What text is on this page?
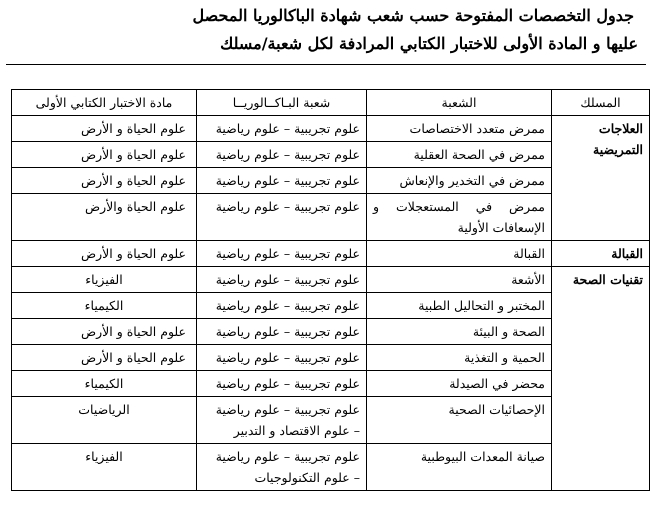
جدول التخصصات المفتوحة حسب شعب شهادة الباكالوريا المحصل
عليها و المادة الأولى للاختبار الكتابي المرادفة لكل شعبة/مسلك
المسلك	الشعبة	شعبة البـاكــالوريــا	مادة الاختبار الكتابي الأولى
العلاجات التمريضية	ممرض متعدد الاختصاصات	علوم تجريبية – علوم رياضية	علوم الحياة و الأرض

	ممرض في الصحة العقلية	علوم تجريبية – علوم رياضية	علوم الحياة و الأرض

	ممرض في التخدير والإنعاش	علوم تجريبية – علوم رياضية	علوم الحياة و الأرض

	ممرض في المستعجلات و
الإسعافات الأولية	علوم تجريبية – علوم رياضية	علوم الحياة والأرض
القبالة	القبالة	علوم تجريبية – علوم رياضية	علوم الحياة و الأرض
تقنيات الصحة	الأشعة	علوم تجريبية – علوم رياضية	الفيزياء

	المختبر و التحاليل الطبية	علوم تجريبية – علوم رياضية	الكيمياء

	الصحة و البيئة	علوم تجريبية – علوم رياضية	علوم الحياة و الأرض

	الحمية و التغذية	علوم تجريبية – علوم رياضية	علوم الحياة و الأرض

	محضر في الصيدلة	علوم تجريبية – علوم رياضية	الكيمياء

	الإحصائيات الصحية	علوم تجريبية – علوم رياضية
– علوم الاقتصاد و التدبير	الرياضيات

	صيانة المعدات البيوطبية	علوم تجريبية – علوم رياضية
– علوم التكنولوجيات	الفيزياء
